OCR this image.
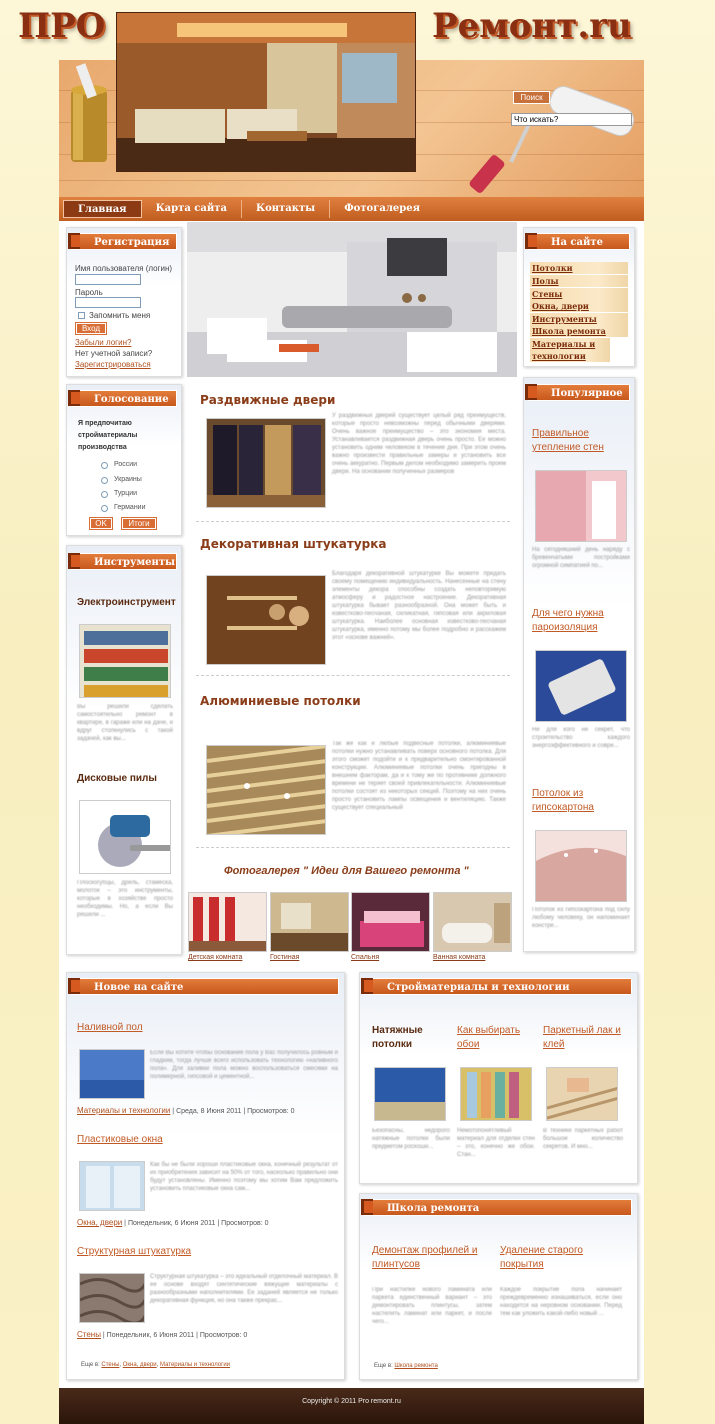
ПРО	Ремонт.ru
Поиск
Что искать?
Главная	Карта сайта	Контакты	Фотогалерея
Регистрация
Имя пользователя (логин)
Пароль
Запомнить меня
Вход
Забыли логин?
Нет учетной записи?
Зарегистрироваться
Голосование
Я предпочитаю стройматериалы производства
России
Украины
Турции
Германии
OK	Итоги
Инструменты
Электроинструмент
Вы решили сделать самостоятельно ремонт в квартире, в гараже или на даче, и вдруг столкнулись с такой задачей, как вы...
Дисковые пилы
Плоскогубцы, дрель, стамеска, молоток – это инструменты, которые в хозяйстве просто необходимы. Но, а если Вы решили ...
Раздвижные двери
У раздвижных дверей существует целый ряд преимуществ, которые просто невозможны перед обычными дверями. Очень важное преимущество – это экономия места. Устанавливается раздвижная дверь очень просто. Ее можно установить одним человеком в течение дня. При этом очень важно произвести правильные замеры и установить все очень аккуратно. Первым делом необходимо замерить проем двери. На основании полученных размеров
Декоративная штукатурка
Благодаря декоративной штукатурке Вы можете придать своему помещению индивидуальность. Нанесенные на стену элементы декора способны создать неповторимую атмосферу и радостное настроение. Декоративная штукатурка бывает разнообразной. Она может быть и известково-песчаная, силикатная, гипсовая или акриловая штукатурка. Наиболее основная известково-песчаная штукатурка, именно потому мы более подробно и расскажем этот «основе важней».
Алюминиевые потолки
Так же как и любые подвесные потолки, алюминиевые потолки нужно устанавливать поверх основного потолка. Для этого сможет подойти и к предварительно смонтированной конструкции. Алюминиевые потолки очень пригодны в внешнем факторам, да и к тому же по противнике должного времени не теряет своей привлекательности. Алюминиевые потолки состоят из некоторых секций. Поэтому на них очень просто установить лампы освещения и вентиляцию. Также существует специальный
Фотогалерея " Идеи для Вашего ремонта "
Детская комната	Гостиная	Спальня	Ванная комната
На сайте
Потолки
Полы
Стены
Окна, двери
Инструменты
Школа ремонта
Материалы и технологии
Популярное
Правильное утепление стен
На сегодняшний день наряду с бревенчатыми постройками огромной симпатией по...
Для чего нужна пароизоляция
Не для кого не секрет, что строительство каждого энергоэффективного и совре...
Потолок из гипсокартона
Потолок из гипсокартона под силу любому человеку, он напоминает констре...
Новое на сайте
Наливной пол
Если Вы хотите чтобы основание пола у Вас получилось ровным и гладким, тогда лучше всего использовать технологию «наливного пола». Для заливки пола можно воспользоваться смесями на полимерной, гипсовой и цементной...
Материалы и технологии | Среда, 8 Июня 2011 | Просмотров: 0
Пластиковые окна
Как бы не были хороши пластиковые окна, конечный результат от их приобретения зависит на 50% от того, насколько правильно они будут установлены. Именно поэтому мы хотим Вам предложить установить пластиковые окна сам...
Окна, двери | Понедельник, 6 Июня 2011 | Просмотров: 0
Структурная штукатурка
Структурная штукатурка – это идеальный отделочный материал. В ее основе входят синтетические вяжущие материалы с разнообразными наполнителями. Ее заданей является не только декоративная функция, но она также прекрас...
Стены | Понедельник, 6 Июня 2011 | Просмотров: 0
Еще в: Стены, Окна, двери, Материалы и технологии
Стройматериалы и технологии
Натяжные потолки
Как выбирать обои
Паркетный лак и клей
Безопасны, недорого натяжные потолки были предметом роскоши...
Немотопонятливый материал для отделки стен – это, конечно же обои. Стан...
В технике паркетных работ большое количество секретов. И мно...
Школа ремонта
Демонтаж профилей и плинтусов
Удаление старого покрытия
При настилке нового ламината или паркета единственный вариант – это демонтировать плинтусы, затем настелить ламинат или паркет, и после чего...
Каждое покрытие пола начинает преждевременно изнашиваться, если оно находится на неровном основании. Перед тем как уложить какой-либо новый ...
Еще в: Школа ремонта
Copyright © 2011 Pro remont.ru
